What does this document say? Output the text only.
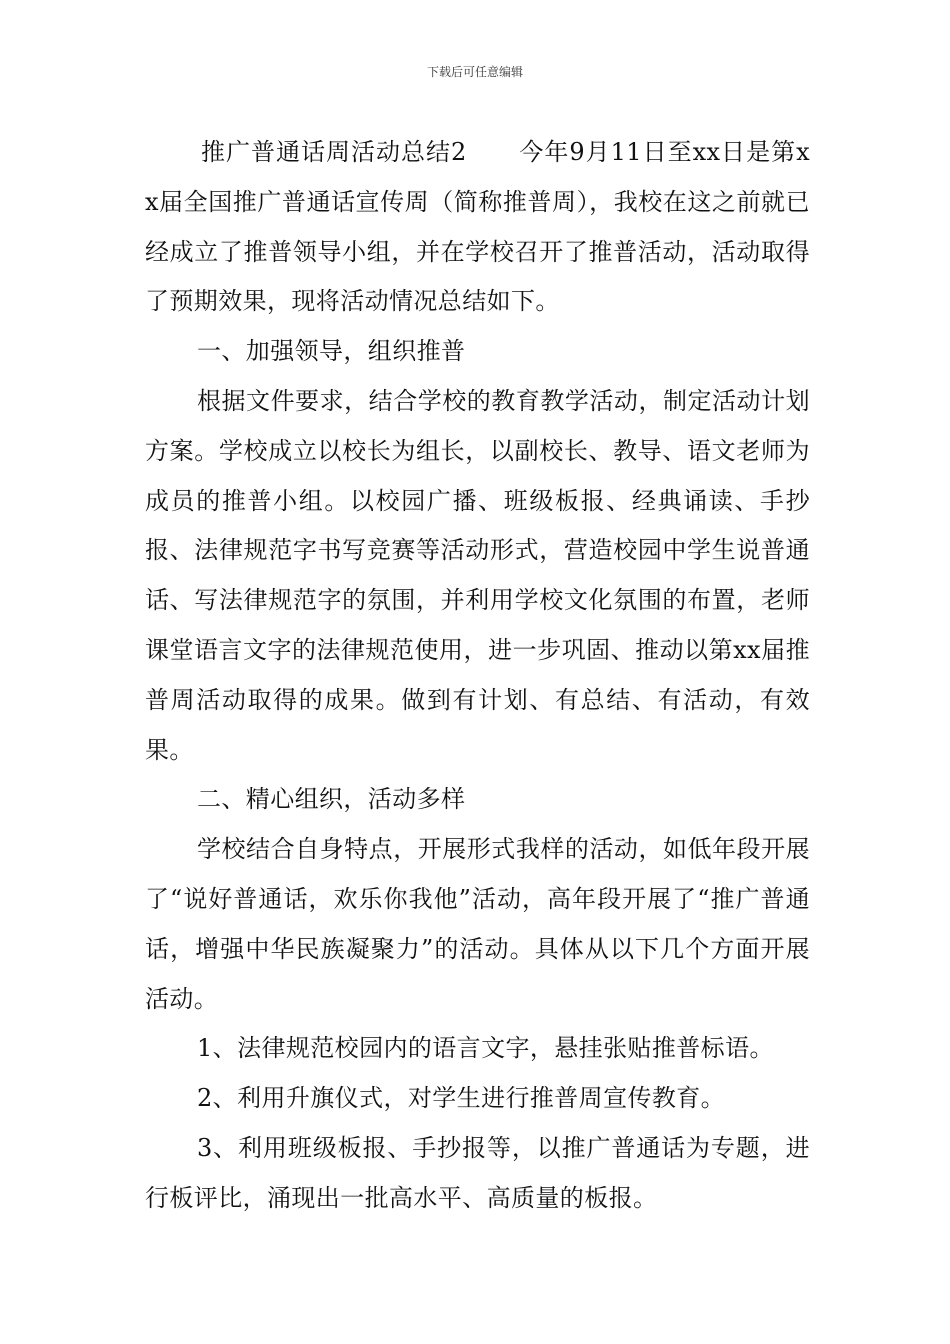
下载后可任意编辑

推广普通话周活动总结2 今年9月11日至xx日是第xx届全国推广普通话宣传周（简称推普周），我校在这之前就已经成立了推普领导小组，并在学校召开了推普活动，活动取得了预期效果，现将活动情况总结如下。

一、加强领导，组织推普

根据文件要求，结合学校的教育教学活动，制定活动计划方案。学校成立以校长为组长，以副校长、教导、语文老师为成员的推普小组。以校园广播、班级板报、经典诵读、手抄报、法律规范字书写竞赛等活动形式，营造校园中学生说普通话、写法律规范字的氛围，并利用学校文化氛围的布置，老师课堂语言文字的法律规范使用，进一步巩固、推动以第xx届推普周活动取得的成果。做到有计划、有总结、有活动，有效果。

二、精心组织，活动多样

学校结合自身特点，开展形式我样的活动，如低年段开展了“说好普通话，欢乐你我他”活动，高年段开展了“推广普通话，增强中华民族凝聚力”的活动。具体从以下几个方面开展活动。

1、法律规范校园内的语言文字，悬挂张贴推普标语。

2、利用升旗仪式，对学生进行推普周宣传教育。

3、利用班级板报、手抄报等，以推广普通话为专题，进行板评比，涌现出一批高水平、高质量的板报。
